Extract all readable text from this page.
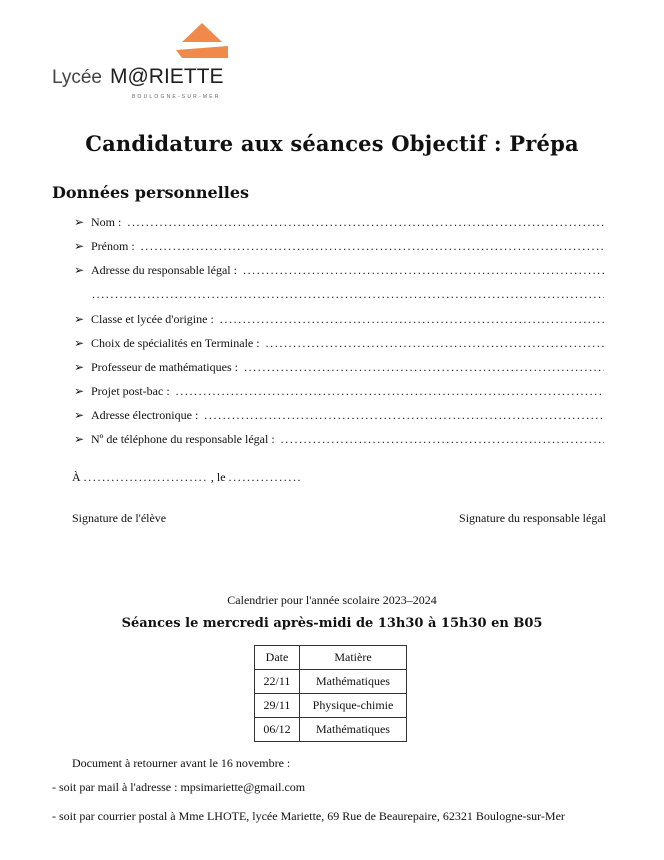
Lycée M@RIETTE
BOULOGNE-SUR-MER
Candidature aux séances Objectif : Prépa
Données personnelles
➢ Nom :
.....
➢ Prénom :
.....
➢ Adresse du responsable légal :
.....
.....
➢ Classe et lycée d'origine :
.....
➢ Choix de spécialités en Terminale :
.....
➢ Professeur de mathématiques :
.....
➢ Projet post-bac :
.....
➢ Adresse électronique :
.....
➢ Nº de téléphone du responsable légal :
.....
À .....	, le .....
Signature de l'élève	Signature du responsable légal
Calendrier pour l'année scolaire 2023–2024
Séances le mercredi après-midi de 13h30 à 15h30 en B05
Date	Matière
22/11	Mathématiques
29/11	Physique-chimie
06/12	Mathématiques
Document à retourner avant le 16 novembre :
- soit par mail à l'adresse : mpsimariette@gmail.com
- soit par courrier postal à Mme LHOTE, lycée Mariette, 69 Rue de Beaurepaire, 62321 Boulogne-sur-Mer
